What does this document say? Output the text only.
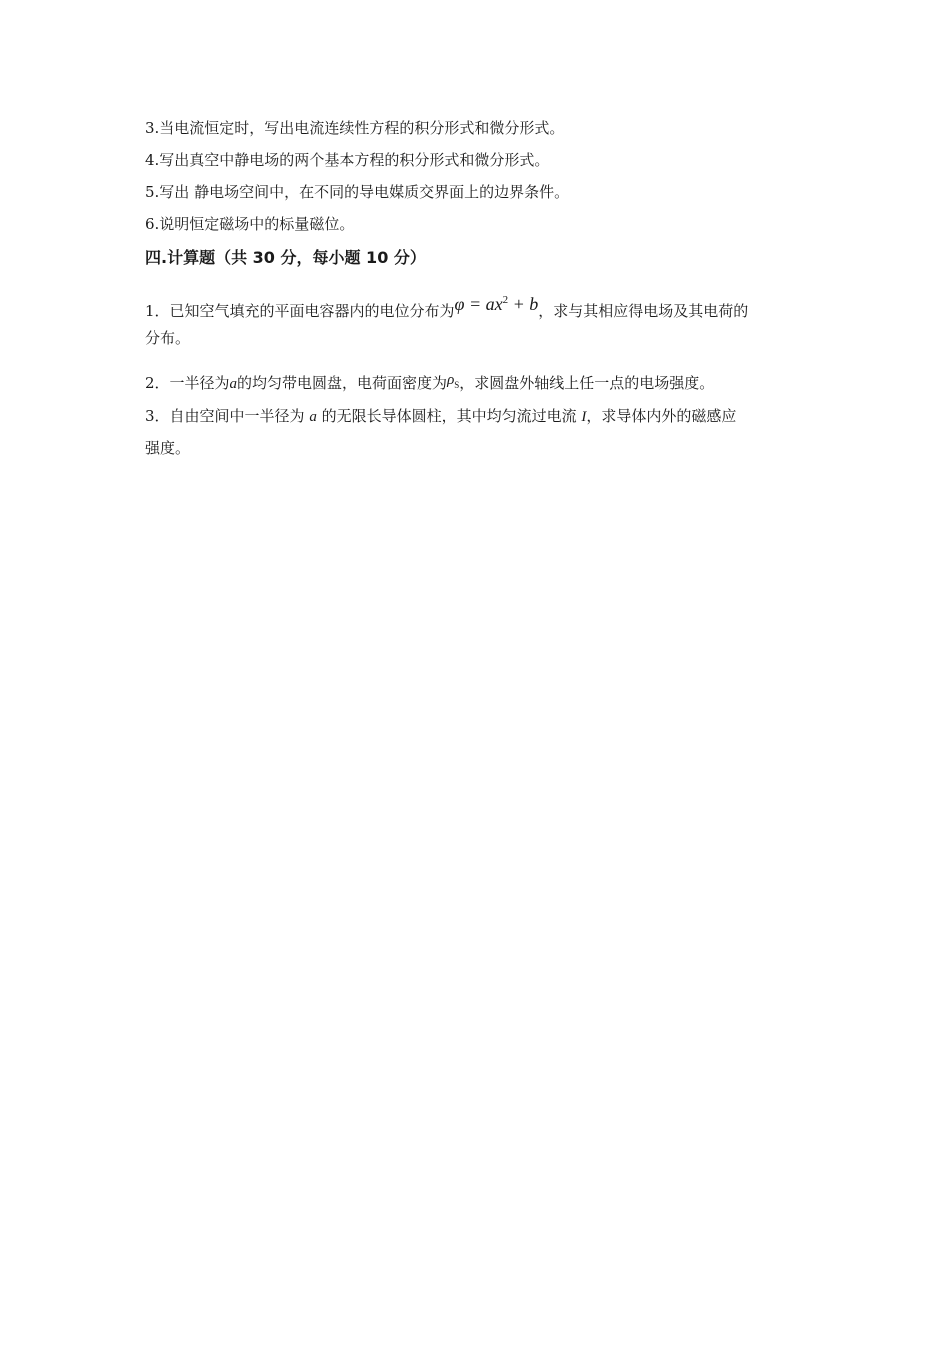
3.当电流恒定时，写出电流连续性方程的积分形式和微分形式。
4.写出真空中静电场的两个基本方程的积分形式和微分形式。
5.写出 静电场空间中，在不同的导电媒质交界面上的边界条件。
6.说明恒定磁场中的标量磁位。
四.计算题（共 30 分，每小题 10 分）
1．已知空气填充的平面电容器内的电位分布为$\varphi = ax^2 + b$，求与其相应得电场及其电荷的
分布。
2．一半径为a的均匀带电圆盘，电荷面密度为$\rho_S$，求圆盘外轴线上任一点的电场强度。
3．自由空间中一半径为 a 的无限长导体圆柱，其中均匀流过电流 I，求导体内外的磁感应
强度。
